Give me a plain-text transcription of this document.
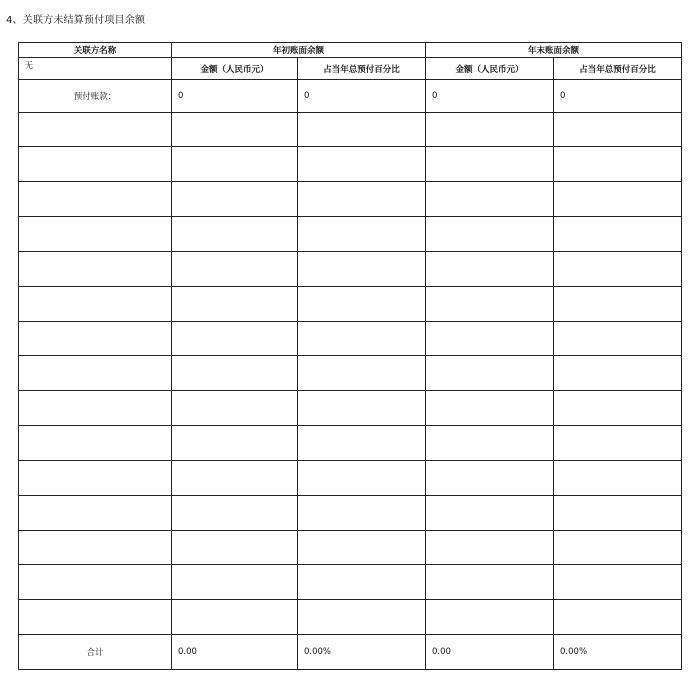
4、关联方未结算预付项目余额
关联方名称	年初账面余额		年末账面余额	
无	金额（人民币元）	占当年总预付百分比	金额（人民币元）	占当年总预付百分比
预付账款：	0	0	0	0

合计	0.00	0.00%	0.00	0.00%
